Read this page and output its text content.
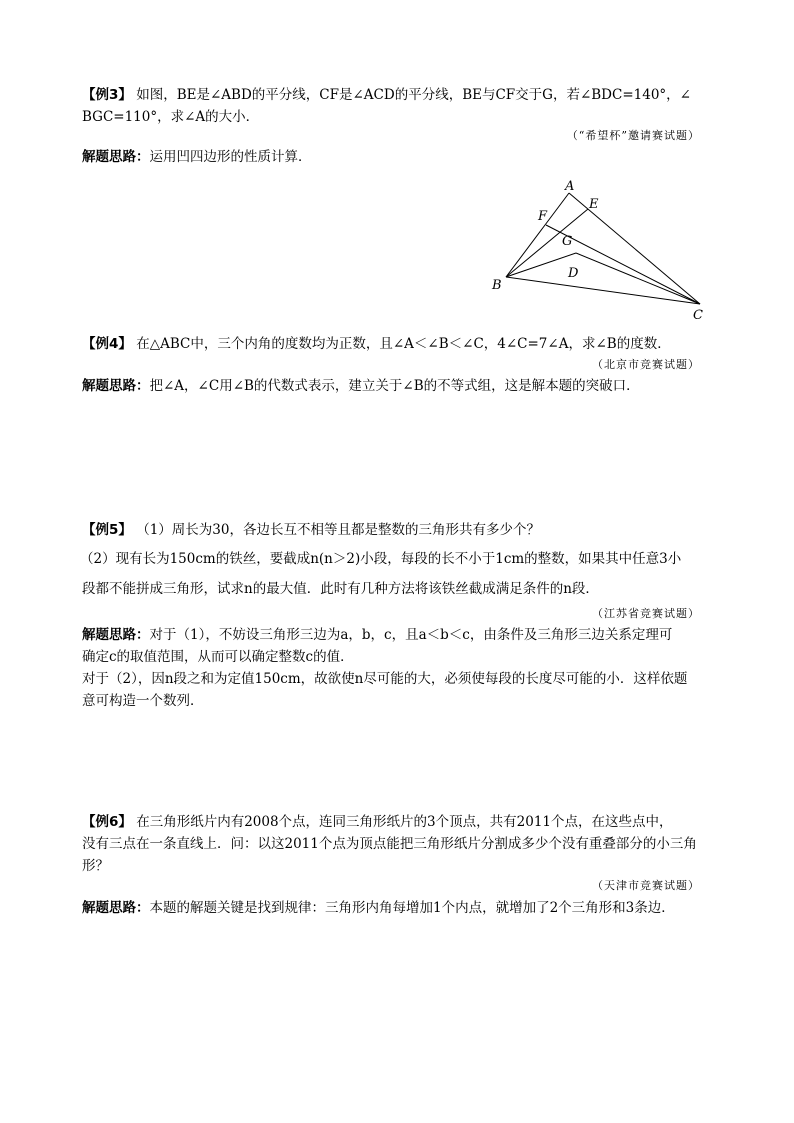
【例3】 如图，BE是∠ABD的平分线，CF是∠ACD的平分线，BE与CF交于G，若∠BDC=140°，∠
BGC=110°，求∠A的大小．
（“希望杯”邀请赛试题）
解题思路：运用凹四边形的性质计算．
A
E
F
G
D
B
C
【例4】 在△ABC中，三个内角的度数均为正数，且∠A＜∠B＜∠C，4∠C=7∠A，求∠B的度数．
（北京市竞赛试题）
解题思路：把∠A，∠C用∠B的代数式表示，建立关于∠B的不等式组，这是解本题的突破口．
【例5】 （1）周长为30，各边长互不相等且都是整数的三角形共有多少个？
（2）现有长为150cm的铁丝，要截成n(n＞2)小段，每段的长不小于1cm的整数，如果其中任意3小
段都不能拼成三角形，试求n的最大值．此时有几种方法将该铁丝截成满足条件的n段．
（江苏省竞赛试题）
解题思路：对于（1），不妨设三角形三边为a，b，c，且a＜b＜c，由条件及三角形三边关系定理可
确定c的取值范围，从而可以确定整数c的值．
对于（2），因n段之和为定值150cm，故欲使n尽可能的大，必须使每段的长度尽可能的小．这样依题
意可构造一个数列．
【例6】 在三角形纸片内有2008个点，连同三角形纸片的3个顶点，共有2011个点，在这些点中，
没有三点在一条直线上．问：以这2011个点为顶点能把三角形纸片分割成多少个没有重叠部分的小三角
形？
（天津市竞赛试题）
解题思路：本题的解题关键是找到规律：三角形内角每增加1个内点，就增加了2个三角形和3条边．
